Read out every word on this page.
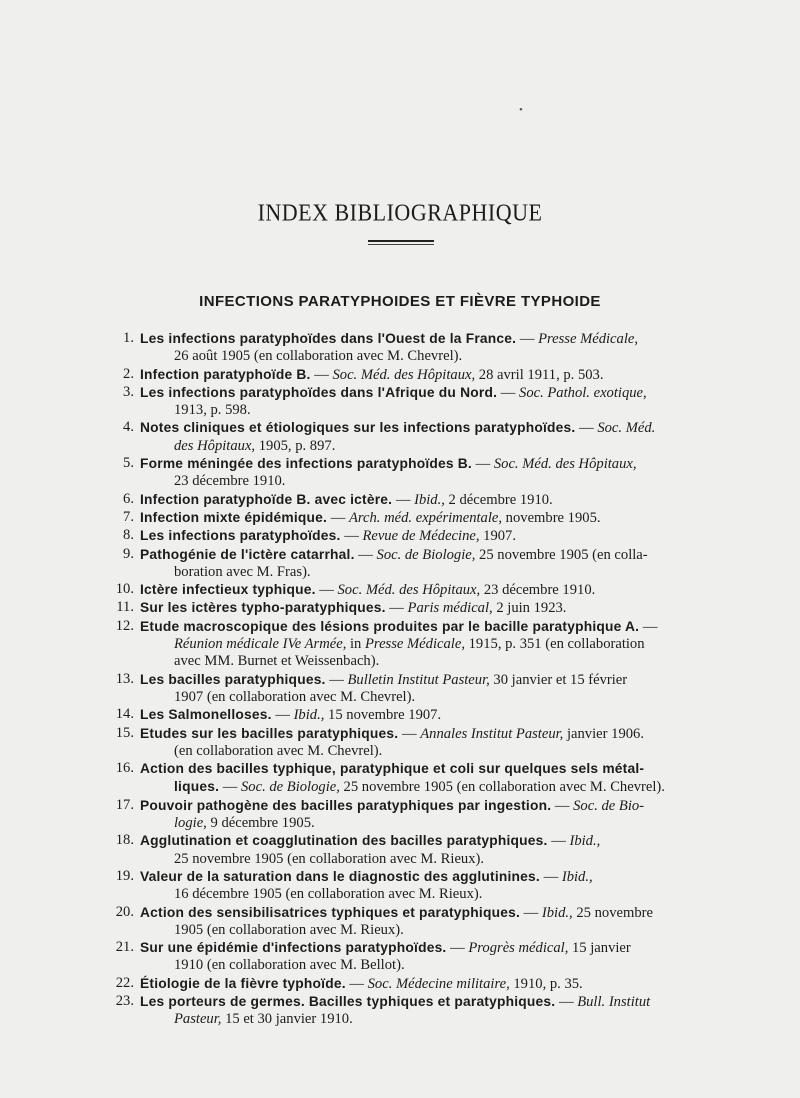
•
INDEX BIBLIOGRAPHIQUE
INFECTIONS PARATYPHOIDES ET FIÈVRE TYPHOIDE
1. Les infections paratyphoïdes dans l'Ouest de la France. — Presse Médicale,
26 août 1905 (en collaboration avec M. Chevrel).
2. Infection paratyphoïde B. — Soc. Méd. des Hôpitaux, 28 avril 1911, p. 503.
3. Les infections paratyphoïdes dans l'Afrique du Nord. — Soc. Pathol. exotique,
1913, p. 598.
4. Notes cliniques et étiologiques sur les infections paratyphoïdes. — Soc. Méd.
des Hôpitaux, 1905, p. 897.
5. Forme méningée des infections paratyphoïdes B. — Soc. Méd. des Hôpitaux,
23 décembre 1910.
6. Infection paratyphoïde B. avec ictère. — Ibid., 2 décembre 1910.
7. Infection mixte épidémique. — Arch. méd. expérimentale, novembre 1905.
8. Les infections paratyphoïdes. — Revue de Médecine, 1907.
9. Pathogénie de l'ictère catarrhal. — Soc. de Biologie, 25 novembre 1905 (en colla-
boration avec M. Fras).
10. Ictère infectieux typhique. — Soc. Méd. des Hôpitaux, 23 décembre 1910.
11. Sur les ictères typho-paratyphiques. — Paris médical, 2 juin 1923.
12. Etude macroscopique des lésions produites par le bacille paratyphique A. —
Réunion médicale IVe Armée, in Presse Médicale, 1915, p. 351 (en collaboration
avec MM. Burnet et Weissenbach).
13. Les bacilles paratyphiques. — Bulletin Institut Pasteur, 30 janvier et 15 février
1907 (en collaboration avec M. Chevrel).
14. Les Salmonelloses. — Ibid., 15 novembre 1907.
15. Etudes sur les bacilles paratyphiques. — Annales Institut Pasteur, janvier 1906.
(en collaboration avec M. Chevrel).
16. Action des bacilles typhique, paratyphique et coli sur quelques sels métal-
liques. — Soc. de Biologie, 25 novembre 1905 (en collaboration avec M. Chevrel).
17. Pouvoir pathogène des bacilles paratyphiques par ingestion. — Soc. de Bio-
logie, 9 décembre 1905.
18. Agglutination et coagglutination des bacilles paratyphiques. — Ibid.,
25 novembre 1905 (en collaboration avec M. Rieux).
19. Valeur de la saturation dans le diagnostic des agglutinines. — Ibid.,
16 décembre 1905 (en collaboration avec M. Rieux).
20. Action des sensibilisatrices typhiques et paratyphiques. — Ibid., 25 novembre
1905 (en collaboration avec M. Rieux).
21. Sur une épidémie d'infections paratyphoïdes. — Progrès médical, 15 janvier
1910 (en collaboration avec M. Bellot).
22. Étiologie de la fièvre typhoïde. — Soc. Médecine militaire, 1910, p. 35.
23. Les porteurs de germes. Bacilles typhiques et paratyphiques. — Bull. Institut
Pasteur, 15 et 30 janvier 1910.
